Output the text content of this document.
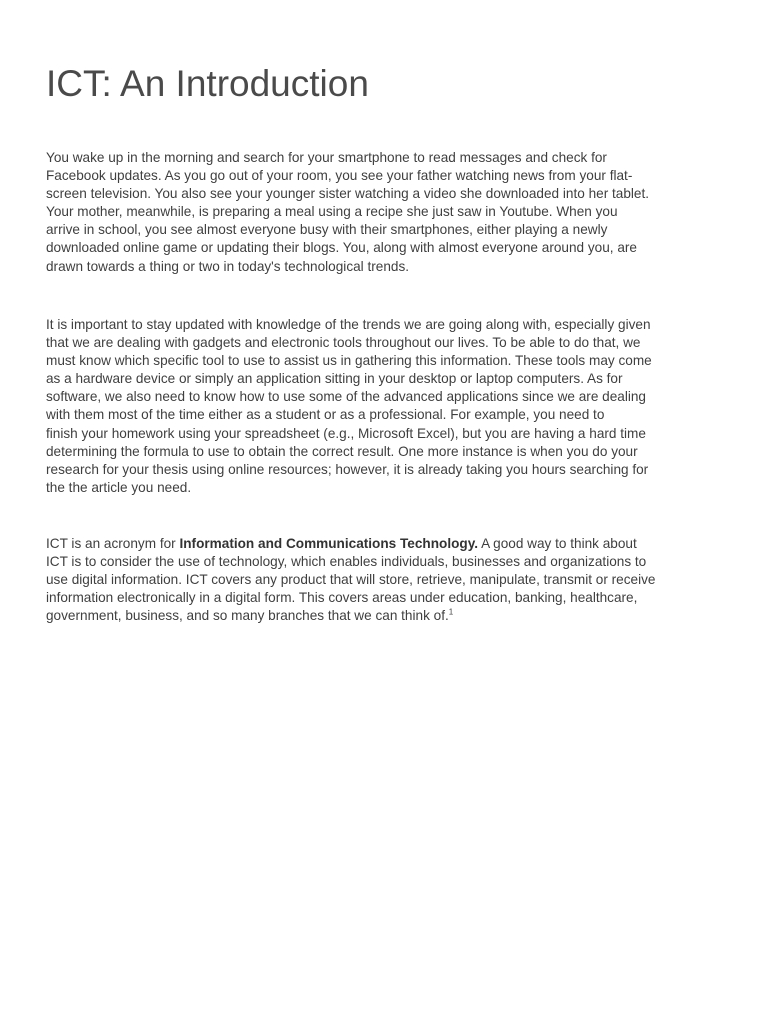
ICT: An Introduction

You wake up in the morning and search for your smartphone to read messages and check for
Facebook updates. As you go out of your room, you see your father watching news from your flat-
screen television. You also see your younger sister watching a video she downloaded into her tablet.
Your mother, meanwhile, is preparing a meal using a recipe she just saw in Youtube. When you
arrive in school, you see almost everyone busy with their smartphones, either playing a newly
downloaded online game or updating their blogs. You, along with almost everyone around you, are
drawn towards a thing or two in today's technological trends.

It is important to stay updated with knowledge of the trends we are going along with, especially given
that we are dealing with gadgets and electronic tools throughout our lives. To be able to do that, we
must know which specific tool to use to assist us in gathering this information. These tools may come
as a hardware device or simply an application sitting in your desktop or laptop computers. As for
software, we also need to know how to use some of the advanced applications since we are dealing
with them most of the time either as a student or as a professional. For example, you need to
finish your homework using your spreadsheet (e.g., Microsoft Excel), but you are having a hard time
determining the formula to use to obtain the correct result. One more instance is when you do your
research for your thesis using online resources; however, it is already taking you hours searching for
the the article you need.

ICT is an acronym for Information and Communications Technology. A good way to think about
ICT is to consider the use of technology, which enables individuals, businesses and organizations to
use digital information. ICT covers any product that will store, retrieve, manipulate, transmit or receive
information electronically in a digital form. This covers areas under education, banking, healthcare,
government, business, and so many branches that we can think of.$^1$
